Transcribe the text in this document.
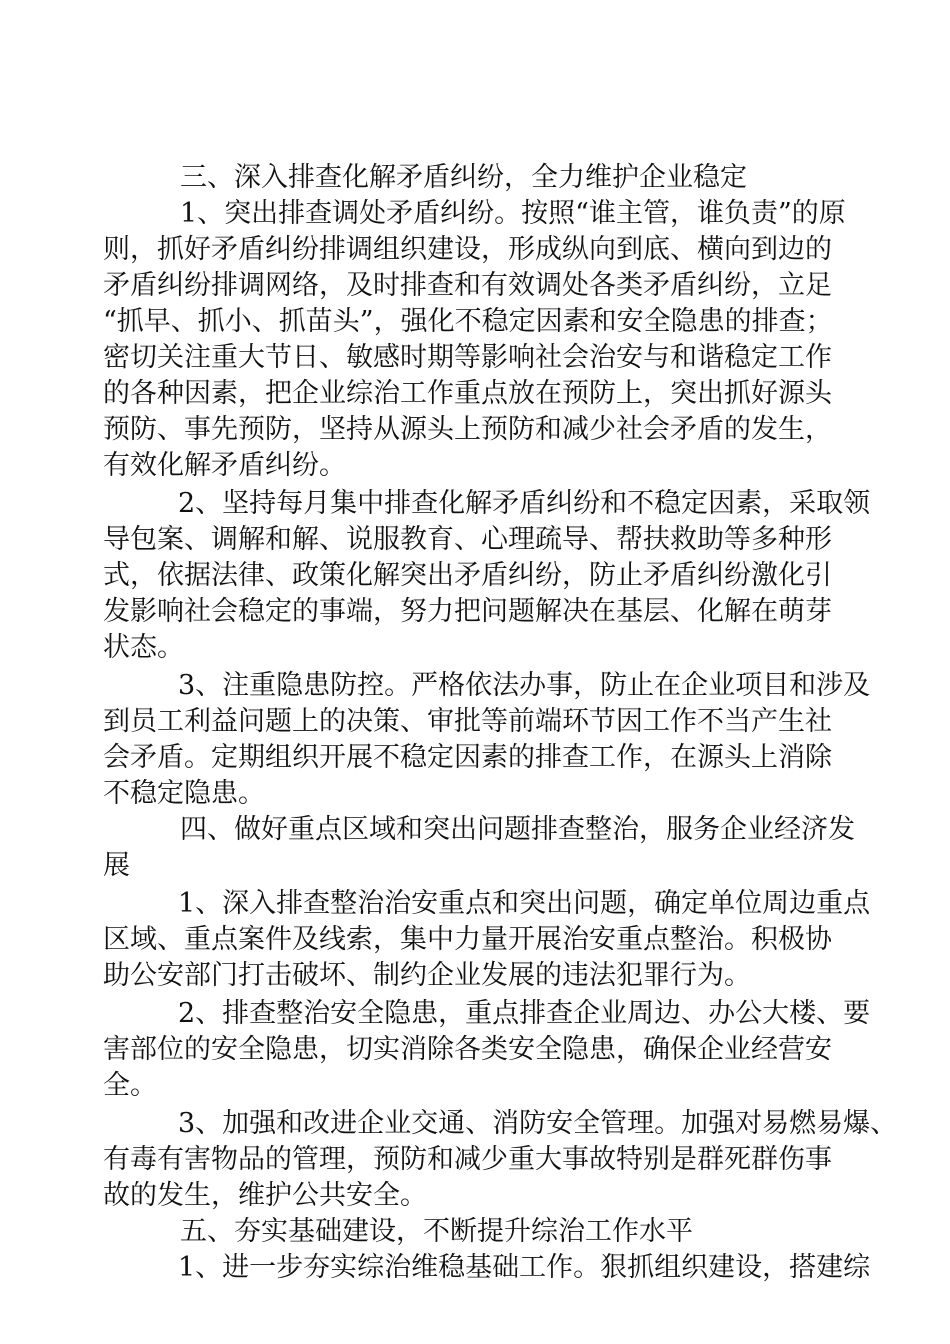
三、深入排查化解矛盾纠纷，全力维护企业稳定
1、突出排查调处矛盾纠纷。按照“谁主管，谁负责”的原
则，抓好矛盾纠纷排调组织建设，形成纵向到底、横向到边的
矛盾纠纷排调网络，及时排查和有效调处各类矛盾纠纷，立足
“抓早、抓小、抓苗头”，强化不稳定因素和安全隐患的排查；
密切关注重大节日、敏感时期等影响社会治安与和谐稳定工作
的各种因素，把企业综治工作重点放在预防上，突出抓好源头
预防、事先预防，坚持从源头上预防和减少社会矛盾的发生，
有效化解矛盾纠纷。
2、坚持每月集中排查化解矛盾纠纷和不稳定因素，采取领
导包案、调解和解、说服教育、心理疏导、帮扶救助等多种形
式，依据法律、政策化解突出矛盾纠纷，防止矛盾纠纷激化引
发影响社会稳定的事端，努力把问题解决在基层、化解在萌芽
状态。
3、注重隐患防控。严格依法办事，防止在企业项目和涉及
到员工利益问题上的决策、审批等前端环节因工作不当产生社
会矛盾。定期组织开展不稳定因素的排查工作，在源头上消除
不稳定隐患。
四、做好重点区域和突出问题排查整治，服务企业经济发
展
1、深入排查整治治安重点和突出问题，确定单位周边重点
区域、重点案件及线索，集中力量开展治安重点整治。积极协
助公安部门打击破坏、制约企业发展的违法犯罪行为。
2、排查整治安全隐患，重点排查企业周边、办公大楼、要
害部位的安全隐患，切实消除各类安全隐患，确保企业经营安
全。
3、加强和改进企业交通、消防安全管理。加强对易燃易爆、
有毒有害物品的管理，预防和减少重大事故特别是群死群伤事
故的发生，维护公共安全。
五、夯实基础建设，不断提升综治工作水平
1、进一步夯实综治维稳基础工作。狠抓组织建设，搭建综
